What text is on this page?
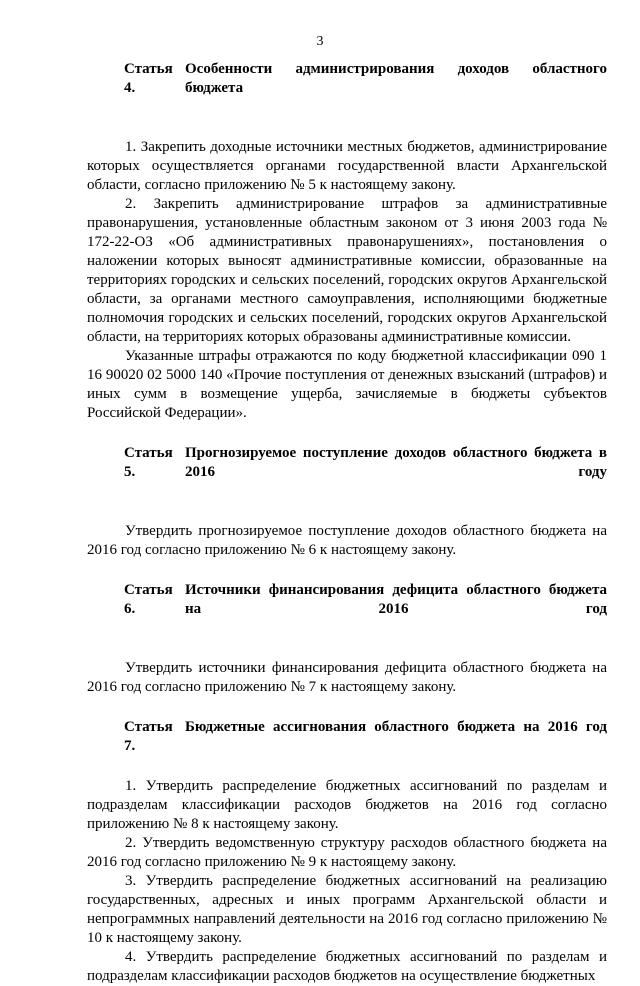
3
Статья 4.
Особенности администрирования доходов областного бюджета

1. Закрепить доходные источники местных бюджетов, администрирование которых осуществляется органами государственной власти Архангельской области, согласно приложению № 5 к настоящему закону.

2. Закрепить администрирование штрафов за административные правонарушения, установленные областным законом от 3 июня 2003 года № 172-22-ОЗ «Об административных правонарушениях», постановления о наложении которых выносят административные комиссии, образованные на территориях городских и сельских поселений, городских округов Архангельской области, за органами местного самоуправления, исполняющими бюджетные полномочия городских и сельских поселений, городских округов Архангельской области, на территориях которых образованы административные комиссии.

Указанные штрафы отражаются по коду бюджетной классификации 090 1 16 90020 02 5000 140 «Прочие поступления от денежных взысканий (штрафов) и иных сумм в возмещение ущерба, зачисляемые в бюджеты субъектов Российской Федерации».

Статья 5.
Прогнозируемое поступление доходов областного бюджета в 2016 году

Утвердить прогнозируемое поступление доходов областного бюджета на 2016 год согласно приложению № 6 к настоящему закону.

Статья 6.
Источники финансирования дефицита областного бюджета на 2016 год

Утвердить источники финансирования дефицита областного бюджета на 2016 год согласно приложению № 7 к настоящему закону.

Статья 7.
Бюджетные ассигнования областного бюджета на 2016 год

1. Утвердить распределение бюджетных ассигнований по разделам и подразделам классификации расходов бюджетов на 2016 год согласно приложению № 8 к настоящему закону.

2. Утвердить ведомственную структуру расходов областного бюджета на 2016 год согласно приложению № 9 к настоящему закону.

3. Утвердить распределение бюджетных ассигнований на реализацию государственных, адресных и иных программ Архангельской области и непрограммных направлений деятельности на 2016 год согласно приложению № 10 к настоящему закону.

4. Утвердить распределение бюджетных ассигнований по разделам и подразделам классификации расходов бюджетов на осуществление бюджетных
